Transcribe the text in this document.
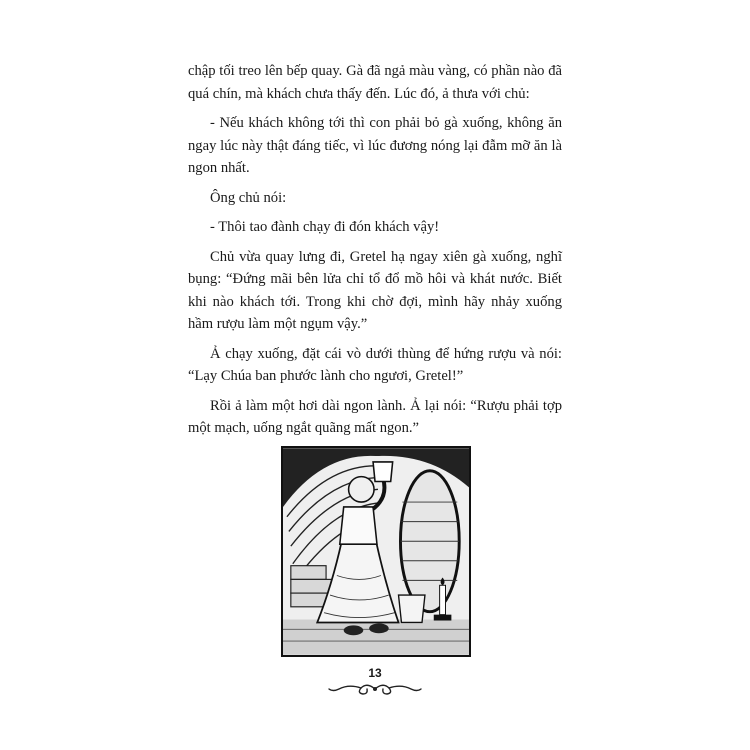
chập tối treo lên bếp quay. Gà đã ngả màu vàng, có phần nào đã quá chín, mà khách chưa thấy đến. Lúc đó, ả thưa với chủ:

- Nếu khách không tới thì con phải bỏ gà xuống, không ăn ngay lúc này thật đáng tiếc, vì lúc đương nóng lại đẫm mỡ ăn là ngon nhất.

Ông chủ nói:

- Thôi tao đành chạy đi đón khách vậy!

Chủ vừa quay lưng đi, Gretel hạ ngay xiên gà xuống, nghĩ bụng: “Đứng mãi bên lửa chỉ tổ đổ mồ hôi và khát nước. Biết khi nào khách tới. Trong khi chờ đợi, mình hãy nhảy xuống hầm rượu làm một ngụm vậy.”

Ả chạy xuống, đặt cái vò dưới thùng để hứng rượu và nói: “Lạy Chúa ban phước lành cho ngươi, Gretel!”

Rồi ả làm một hơi dài ngon lành. Ả lại nói: “Rượu phải tợp một mạch, uống ngắt quãng mất ngon.”

13
